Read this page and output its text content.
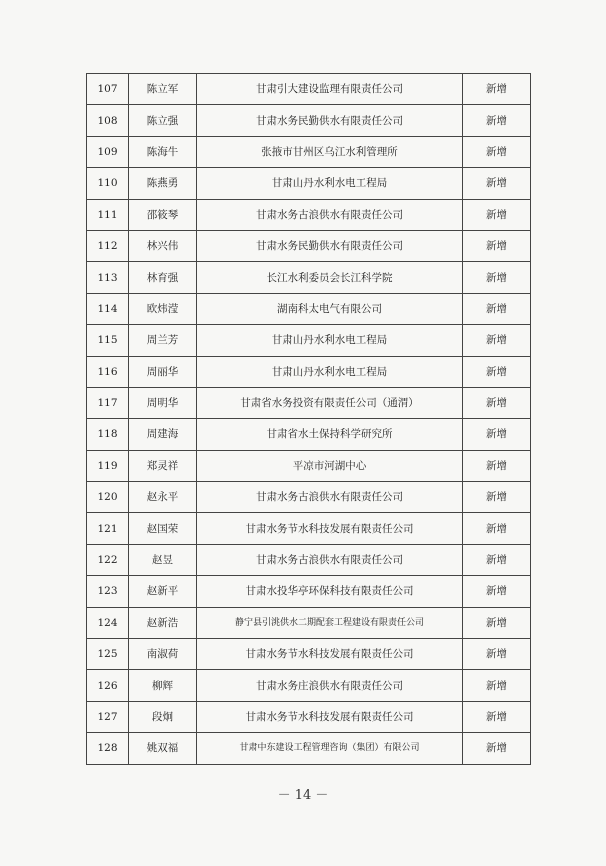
107	陈立军	甘肃引大建设监理有限责任公司	新增
108	陈立强	甘肃水务民勤供水有限责任公司	新增
109	陈海牛	张掖市甘州区乌江水利管理所	新增
110	陈燕勇	甘肃山丹水利水电工程局	新增
111	邵筱琴	甘肃水务古浪供水有限责任公司	新增
112	林兴伟	甘肃水务民勤供水有限责任公司	新增
113	林育强	长江水利委员会长江科学院	新增
114	欧炜滢	湖南科太电气有限公司	新增
115	周兰芳	甘肃山丹水利水电工程局	新增
116	周丽华	甘肃山丹水利水电工程局	新增
117	周明华	甘肃省水务投资有限责任公司（通渭）	新增
118	周建海	甘肃省水土保持科学研究所	新增
119	郑灵祥	平凉市河湖中心	新增
120	赵永平	甘肃水务古浪供水有限责任公司	新增
121	赵国荣	甘肃水务节水科技发展有限责任公司	新增
122	赵昱	甘肃水务古浪供水有限责任公司	新增
123	赵新平	甘肃水投华亭环保科技有限责任公司	新增
124	赵新浩	静宁县引洮供水二期配套工程建设有限责任公司	新增
125	南淑荷	甘肃水务节水科技发展有限责任公司	新增
126	柳辉	甘肃水务庄浪供水有限责任公司	新增
127	段炯	甘肃水务节水科技发展有限责任公司	新增
128	姚双福	甘肃中东建设工程管理咨询（集团）有限公司	新增
－ 14 －
